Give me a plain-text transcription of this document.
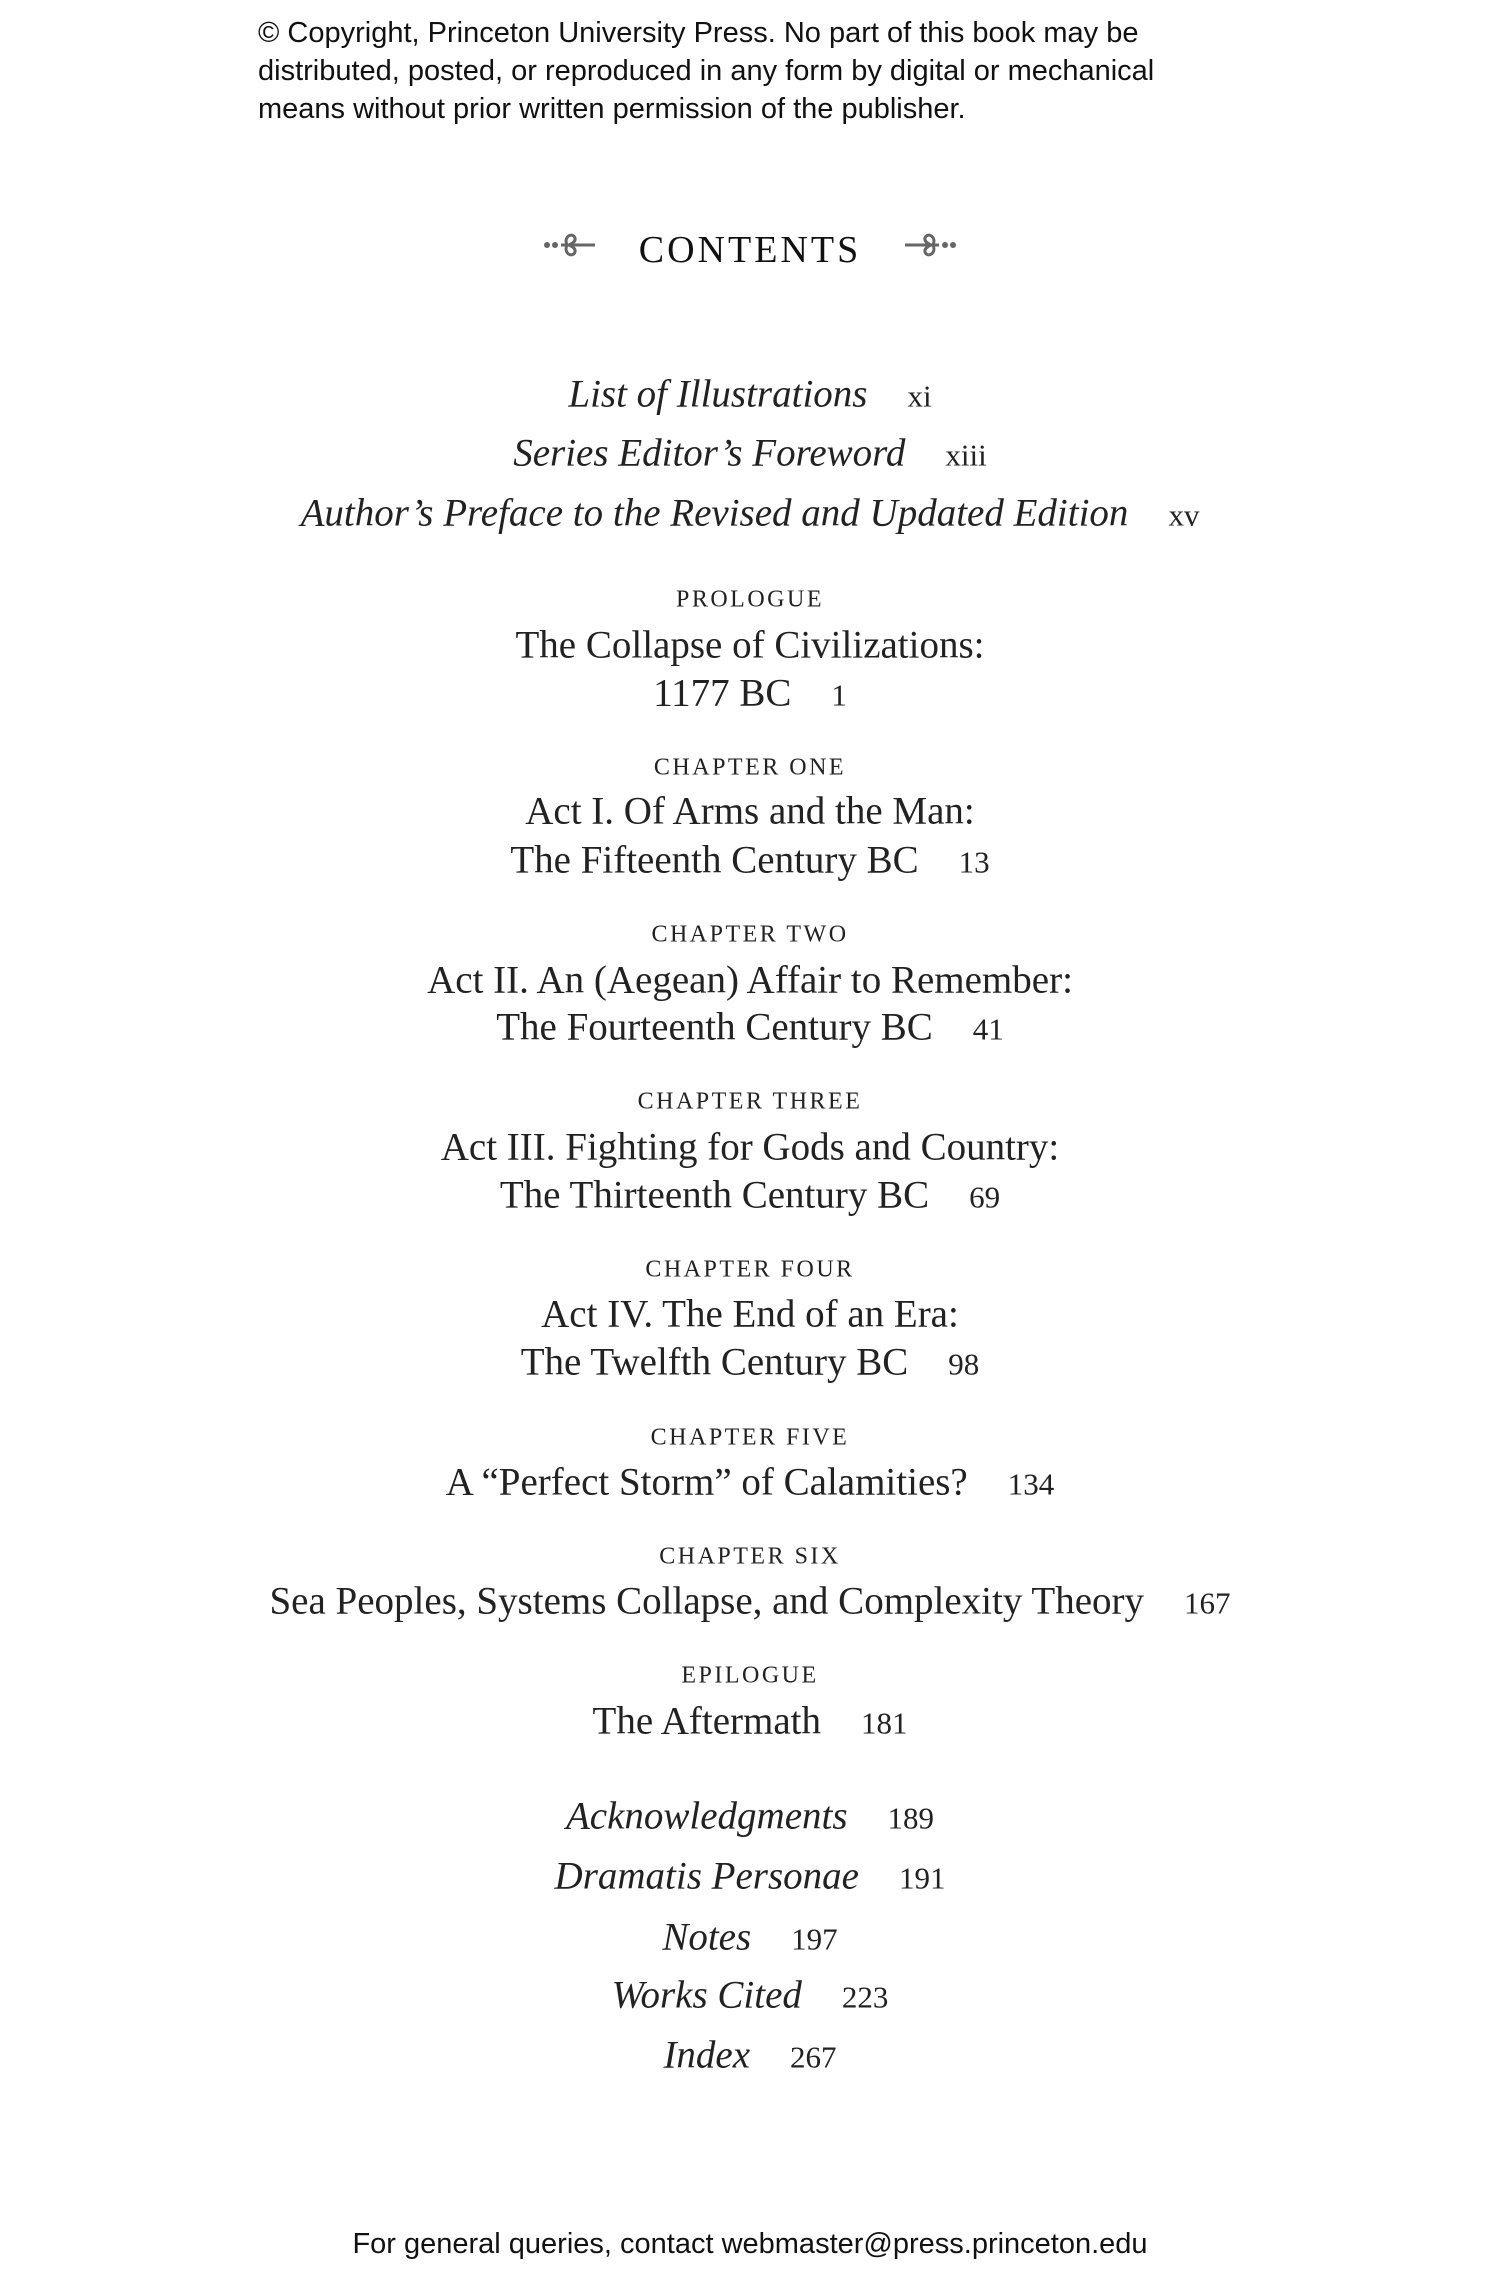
© Copyright, Princeton University Press. No part of this book may be
distributed, posted, or reproduced in any form by digital or mechanical
means without prior written permission of the publisher.
CONTENTS
List of Illustrations xi
Series Editor’s Foreword xiii
Author’s Preface to the Revised and Updated Edition xv
PROLOGUE
The Collapse of Civilizations:
1177 BC 1
CHAPTER ONE
Act I. Of Arms and the Man:
The Fifteenth Century BC 13
CHAPTER TWO
Act II. An (Aegean) Affair to Remember:
The Fourteenth Century BC 41
CHAPTER THREE
Act III. Fighting for Gods and Country:
The Thirteenth Century BC 69
CHAPTER FOUR
Act IV. The End of an Era:
The Twelfth Century BC 98
CHAPTER FIVE
A “Perfect Storm” of Calamities? 134
CHAPTER SIX
Sea Peoples, Systems Collapse, and Complexity Theory 167
EPILOGUE
The Aftermath 181
Acknowledgments 189
Dramatis Personae 191
Notes 197
Works Cited 223
Index 267
For general queries, contact webmaster@press.princeton.edu
